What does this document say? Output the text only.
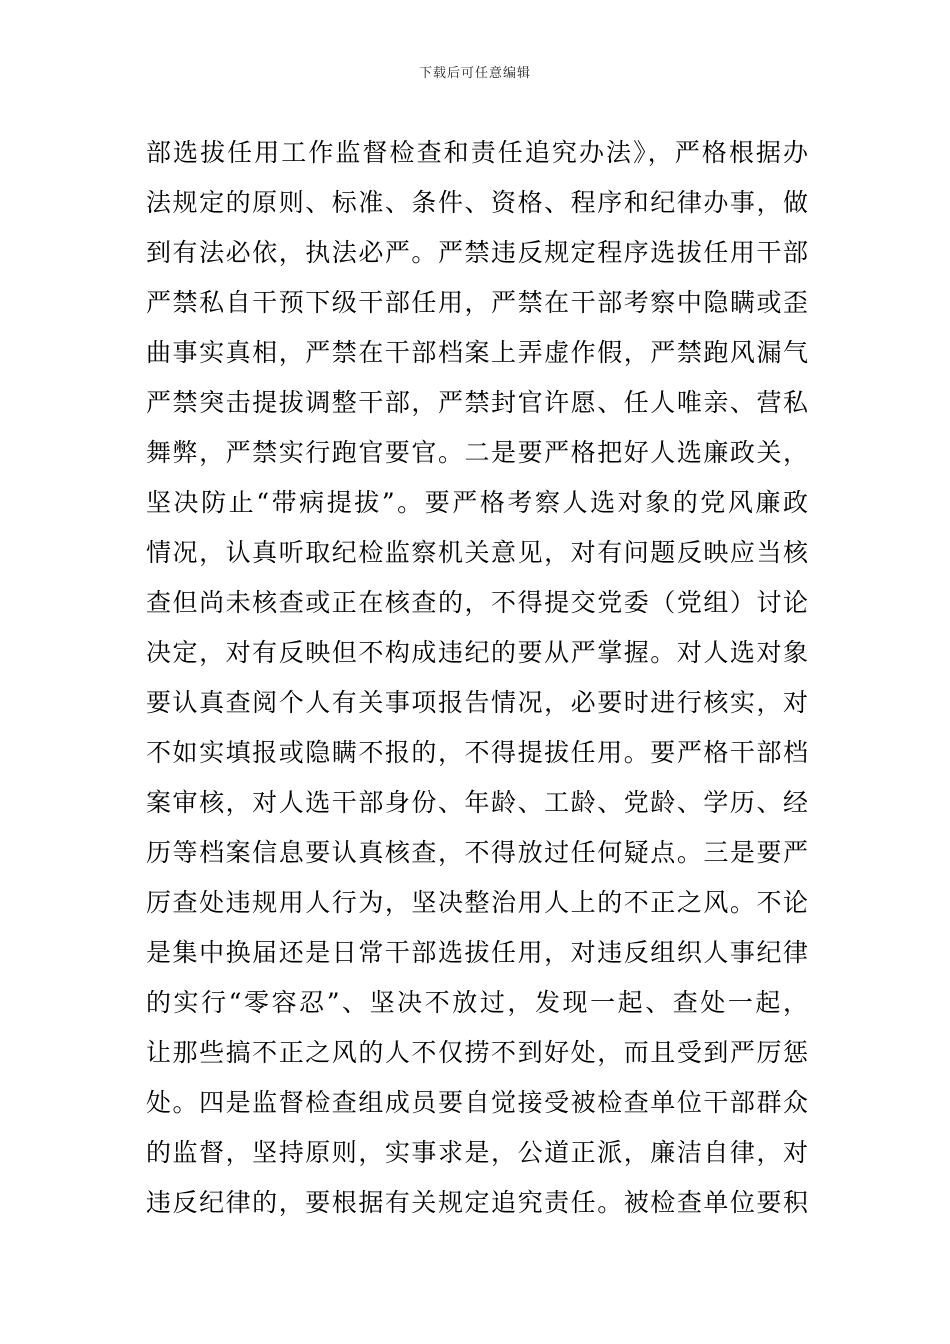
下载后可任意编辑
部选拔任用工作监督检查和责任追究办法》，严格根据办
法规定的原则、标准、条件、资格、程序和纪律办事，做
到有法必依，执法必严。严禁违反规定程序选拔任用干部
严禁私自干预下级干部任用，严禁在干部考察中隐瞒或歪
曲事实真相，严禁在干部档案上弄虚作假，严禁跑风漏气
严禁突击提拔调整干部，严禁封官许愿、任人唯亲、营私
舞弊，严禁实行跑官要官。二是要严格把好人选廉政关，
坚决防止“带病提拔”。要严格考察人选对象的党风廉政
情况，认真听取纪检监察机关意见，对有问题反映应当核
查但尚未核查或正在核查的，不得提交党委（党组）讨论
决定，对有反映但不构成违纪的要从严掌握。对人选对象
要认真查阅个人有关事项报告情况，必要时进行核实，对
不如实填报或隐瞒不报的，不得提拔任用。要严格干部档
案审核，对人选干部身份、年龄、工龄、党龄、学历、经
历等档案信息要认真核查，不得放过任何疑点。三是要严
厉查处违规用人行为，坚决整治用人上的不正之风。不论
是集中换届还是日常干部选拔任用，对违反组织人事纪律
的实行“零容忍”、坚决不放过，发现一起、查处一起，
让那些搞不正之风的人不仅捞不到好处，而且受到严厉惩
处。四是监督检查组成员要自觉接受被检查单位干部群众
的监督，坚持原则，实事求是，公道正派，廉洁自律，对
违反纪律的，要根据有关规定追究责任。被检查单位要积
